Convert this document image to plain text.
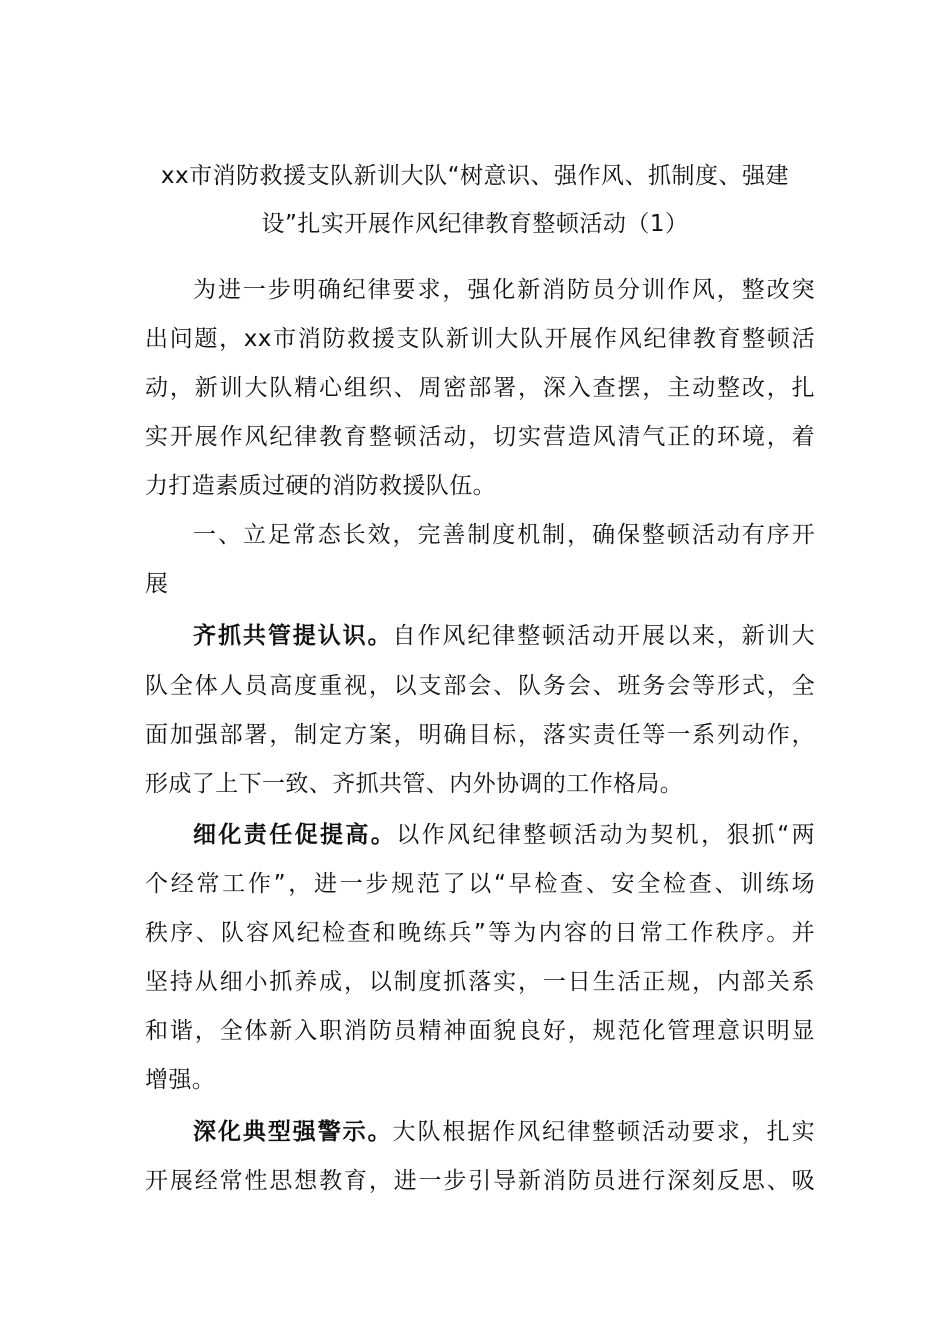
xx市消防救援支队新训大队“树意识、强作风、抓制度、强建
设”扎实开展作风纪律教育整顿活动（1）
为进一步明确纪律要求，强化新消防员分训作风，整改突
出问题，xx市消防救援支队新训大队开展作风纪律教育整顿活
动，新训大队精心组织、周密部署，深入查摆，主动整改，扎
实开展作风纪律教育整顿活动，切实营造风清气正的环境，着
力打造素质过硬的消防救援队伍。
一、立足常态长效，完善制度机制，确保整顿活动有序开
展
齐抓共管提认识。自作风纪律整顿活动开展以来，新训大
队全体人员高度重视，以支部会、队务会、班务会等形式，全
面加强部署，制定方案，明确目标，落实责任等一系列动作，
形成了上下一致、齐抓共管、内外协调的工作格局。
细化责任促提高。以作风纪律整顿活动为契机，狠抓“两
个经常工作”，进一步规范了以“早检查、安全检查、训练场
秩序、队容风纪检查和晚练兵”等为内容的日常工作秩序。并
坚持从细小抓养成，以制度抓落实，一日生活正规，内部关系
和谐，全体新入职消防员精神面貌良好，规范化管理意识明显
增强。
深化典型强警示。大队根据作风纪律整顿活动要求，扎实
开展经常性思想教育，进一步引导新消防员进行深刻反思、吸
